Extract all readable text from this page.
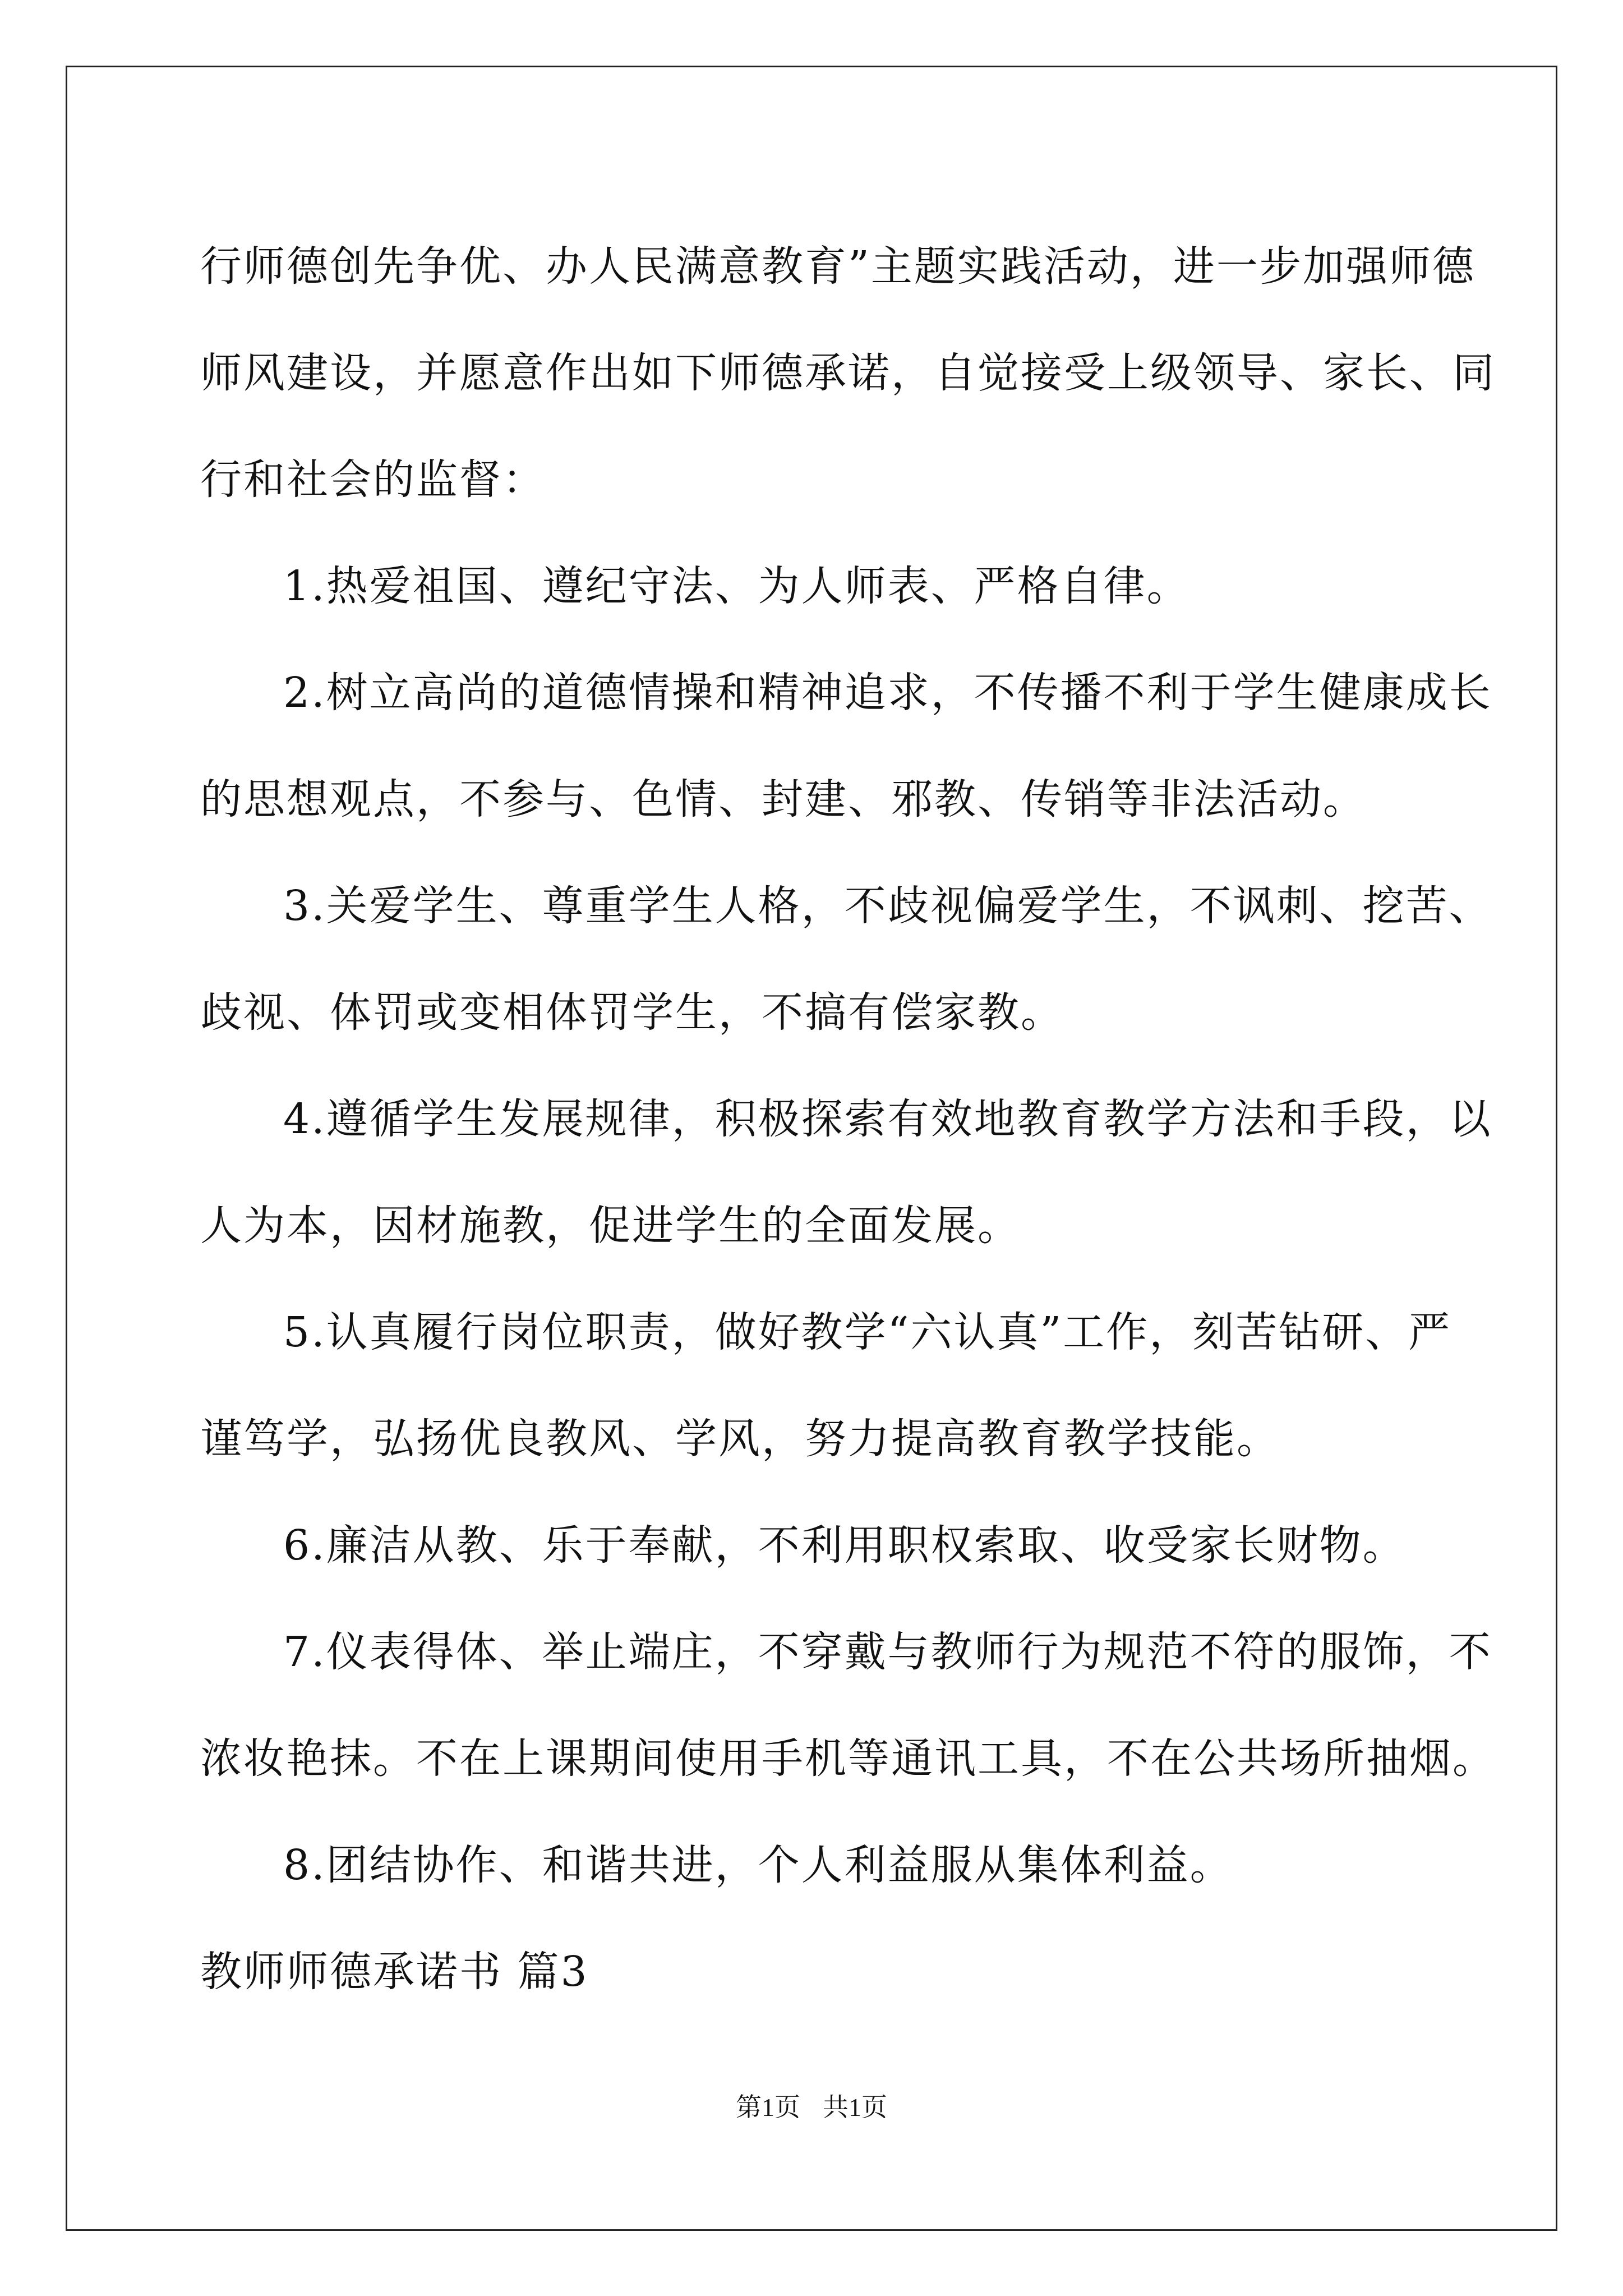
行师德创先争优、办人民满意教育”主题实践活动，进一步加强师德
师风建设，并愿意作出如下师德承诺，自觉接受上级领导、家长、同
行和社会的监督：
1.热爱祖国、遵纪守法、为人师表、严格自律。
2.树立高尚的道德情操和精神追求，不传播不利于学生健康成长
的思想观点，不参与、色情、封建、邪教、传销等非法活动。
3.关爱学生、尊重学生人格，不歧视偏爱学生，不讽刺、挖苦、
歧视、体罚或变相体罚学生，不搞有偿家教。
4.遵循学生发展规律，积极探索有效地教育教学方法和手段，以
人为本，因材施教，促进学生的全面发展。
5.认真履行岗位职责，做好教学“六认真”工作，刻苦钻研、严
谨笃学，弘扬优良教风、学风，努力提高教育教学技能。
6.廉洁从教、乐于奉献，不利用职权索取、收受家长财物。
7.仪表得体、举止端庄，不穿戴与教师行为规范不符的服饰，不
浓妆艳抹。不在上课期间使用手机等通讯工具，不在公共场所抽烟。
8.团结协作、和谐共进，个人利益服从集体利益。
教师师德承诺书 篇3
第1页 共1页
